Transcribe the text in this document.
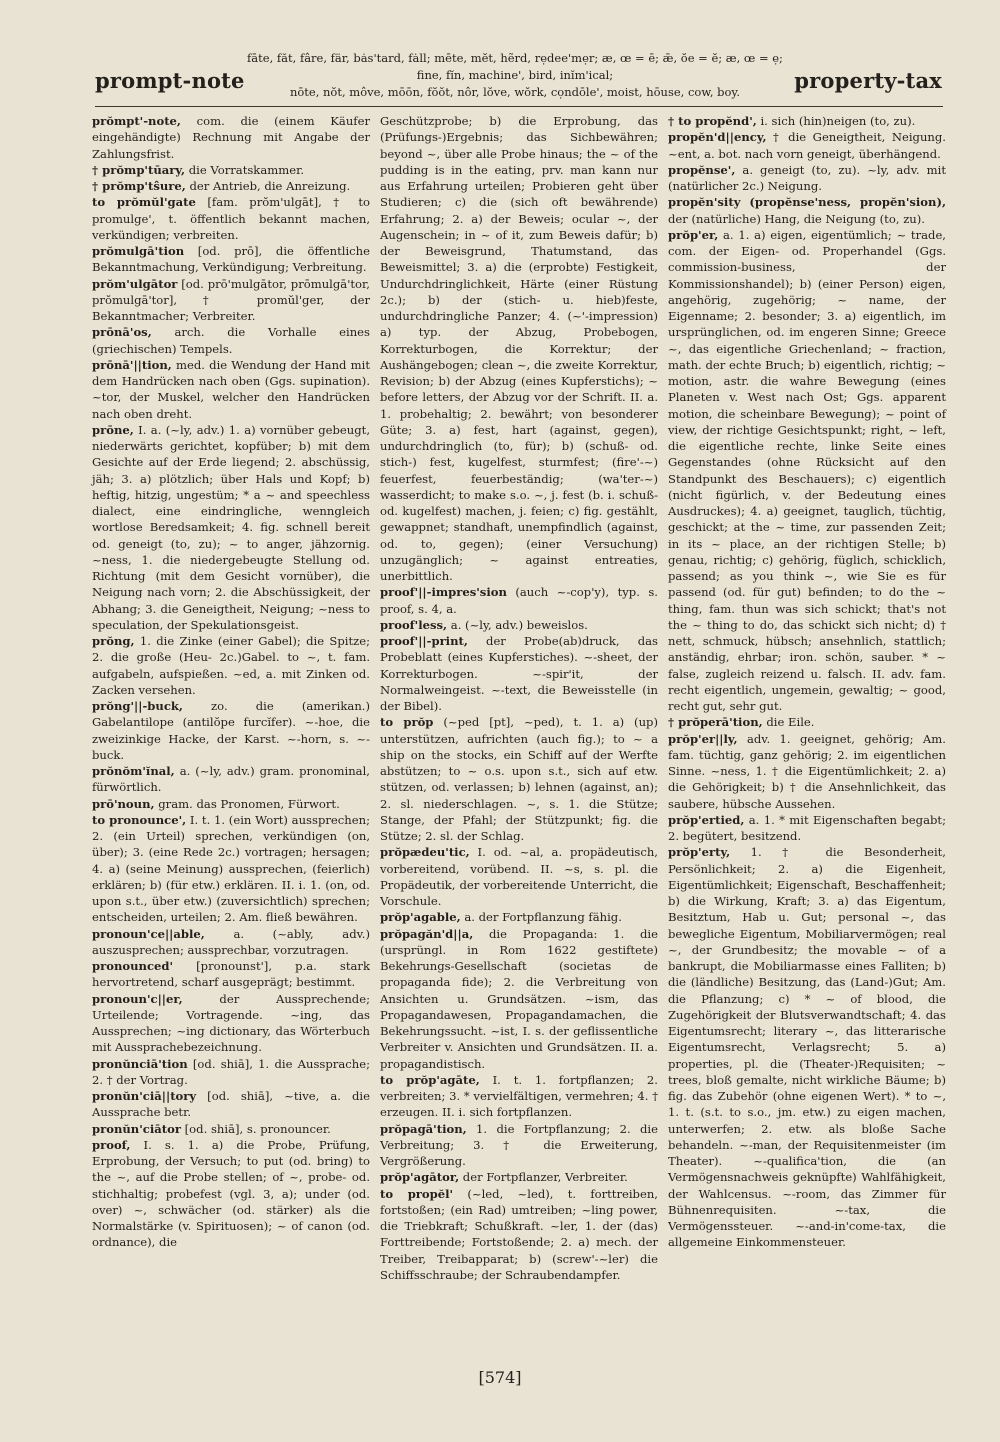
prompt-note
fāte, făt, fâre, fär, bȧs'tard, fȧll; mēte, mĕt, hẽrd, rẹdee'mẹr; æ, œ = ē; ǣ, ŏe = ĕ; æ, œ = ẹ;
fine, fĭn, machine', bird, inĭm'ical;
nōte, nŏt, môve, mōōn, fŏŏt, nôr, lŏve, wŏrk, cọndōle', moist, hōuse, cow, boy.	property-tax

prŏmpt'-note, com. die (einem Käufer eingehändigte) Rechnung mit Angabe der Zahlungsfrist.

† prŏmp'tūary, die Vorratskammer.

† prŏmp'tŝure, der Antrieb, die Anreizung.

to prŏmŭl'gate [fam. prŏm'ulgāt], † to promulge', t. öffentlich bekannt machen, verkündigen; verbreiten.

prŏmulgā'tion [od. prō], die öffentliche Bekanntmachung, Verkündigung; Verbreitung.

prŏm'ulgātor [od. prō'mulgātor, prōmulgā'tor, prŏmulgā'tor], † promŭl'ger, der Bekanntmacher; Verbreiter.

prōnā'os, arch. die Vorhalle eines (griechischen) Tempels.

prōnā'||tion, med. die Wendung der Hand mit dem Handrücken nach oben (Ggs. supination). ~tor, der Muskel, welcher den Handrücken nach oben dreht.

prōne, I. a. (~ly, adv.) 1. a) vornüber gebeugt, niederwärts gerichtet, kopfüber; b) mit dem Gesichte auf der Erde liegend; 2. abschüssig, jäh; 3. a) plötzlich; über Hals und Kopf; b) heftig, hitzig, ungestüm; * a ~ and speechless dialect, eine eindringliche, wenngleich wortlose Beredsamkeit; 4. fig. schnell bereit od. geneigt (to, zu); ~ to anger, jähzornig. ~ness, 1. die niedergebeugte Stellung od. Richtung (mit dem Gesicht vornüber), die Neigung nach vorn; 2. die Abschüssigkeit, der Abhang; 3. die Geneigtheit, Neigung; ~ness to speculation, der Spekulationsgeist.

prŏng, 1. die Zinke (einer Gabel); die Spitze; 2. die große (Heu- 2c.)Gabel. to ~, t. fam. aufgabeln, aufspießen. ~ed, a. mit Zinken od. Zacken versehen.

prŏng'||-buck, zo. die (amerikan.) Gabelantilope (antilŏpe furcĭfer). ~-hoe, die zweizinkige Hacke, der Karst. ~-horn, s. ~-buck.

prŏnŏm'ĭnal, a. (~ly, adv.) gram. pronominal, fürwörtlich.

prō'noun, gram. das Pronomen, Fürwort.

to pronounce', I. t. 1. (ein Wort) aussprechen; 2. (ein Urteil) sprechen, verkündigen (on, über); 3. (eine Rede 2c.) vortragen; hersagen; 4. a) (seine Meinung) aussprechen, (feierlich) erklären; b) (für etw.) erklären. II. i. 1. (on, od. upon s.t., über etw.) (zuversichtlich) sprechen; entscheiden, urteilen; 2. Am. fließ bewähren.

pronoun'ce||able, a. (~ably, adv.) auszusprechen; aussprechbar, vorzutragen.

pronounced' [pronounst'], p.a. stark hervortretend, scharf ausgeprägt; bestimmt.

pronoun'c||er, der Aussprechende; Urteilende; Vortragende. ~ing, das Aussprechen; ~ing dictionary, das Wörterbuch mit Aussprachebezeichnung.

pronŭnciā'tion [od. shiā], 1. die Aussprache; 2. † der Vortrag.

pronŭn'ciā||tory [od. shiā], ~tive, a. die Aussprache betr.

pronŭn'ciātor [od. shiā], s. pronouncer.

proof, I. s. 1. a) die Probe, Prüfung, Erprobung, der Versuch; to put (od. bring) to the ~, auf die Probe stellen; of ~, probe- od. stichhaltig; probefest (vgl. 3, a); under (od. over) ~, schwächer (od. stärker) als die Normalstärke (v. Spirituosen); ~ of canon (od. ordnance), die

Geschützprobe; b) die Erprobung, das (Prüfungs-)Ergebnis; das Sichbewähren; beyond ~, über alle Probe hinaus; the ~ of the pudding is in the eating, prv. man kann nur aus Erfahrung urteilen; Probieren geht über Studieren; c) die (sich oft bewährende) Erfahrung; 2. a) der Beweis; ocular ~, der Augenschein; in ~ of it, zum Beweis dafür; b) der Beweisgrund, Thatumstand, das Beweismittel; 3. a) die (erprobte) Festigkeit, Undurchdringlichkeit, Härte (einer Rüstung 2c.); b) der (stich- u. hieb)feste, undurchdringliche Panzer; 4. (~'-impression) a) typ. der Abzug, Probebogen, Korrekturbogen, die Korrektur; der Aushängebogen; clean ~, die zweite Korrektur, Revision; b) der Abzug (eines Kupferstichs); ~ before letters, der Abzug vor der Schrift. II. a. 1. probehaltig; 2. bewährt; von besonderer Güte; 3. a) fest, hart (against, gegen), undurchdringlich (to, für); b) (schuß- od. stich-) fest, kugelfest, sturmfest; (fire'-~) feuerfest, feuerbeständig; (wa'ter-~) wasserdicht; to make s.o. ~, j. fest (b. i. schuß- od. kugelfest) machen, j. feien; c) fig. gestählt, gewappnet; standhaft, unempfindlich (against, od. to, gegen); (einer Versuchung) unzugänglich; ~ against entreaties, unerbittlich.

proof'||-impres'sion (auch ~-cop'y), typ. s. proof, s. 4, a.

proof'less, a. (~ly, adv.) beweislos.

proof'||-print, der Probe(ab)druck, das Probeblatt (eines Kupferstiches). ~-sheet, der Korrekturbogen. ~-spir'it, der Normalweingeist. ~-text, die Beweisstelle (in der Bibel).

to prŏp (~ped [pt], ~ped), t. 1. a) (up) unterstützen, aufrichten (auch fig.); to ~ a ship on the stocks, ein Schiff auf der Werfte abstützen; to ~ o.s. upon s.t., sich auf etw. stützen, od. verlassen; b) lehnen (against, an); 2. sl. niederschlagen. ~, s. 1. die Stütze; Stange, der Pfahl; der Stützpunkt; fig. die Stütze; 2. sl. der Schlag.

prŏpædeu'tic, I. od. ~al, a. propädeutisch, vorbereitend, vorübend. II. ~s, s. pl. die Propädeutik, der vorbereitende Unterricht, die Vorschule.

prŏp'agable, a. der Fortpflanzung fähig.

prŏpagăn'd||a, die Propaganda: 1. die (ursprüngl. in Rom 1622 gestiftete) Bekehrungs-Gesellschaft (societas de propaganda fide); 2. die Verbreitung von Ansichten u. Grundsätzen. ~ism, das Propagandawesen, Propagandamachen, die Bekehrungssucht. ~ist, I. s. der geflissentliche Verbreiter v. Ansichten und Grundsätzen. II. a. propagandistisch.

to prŏp'agāte, I. t. 1. fortpflanzen; 2. verbreiten; 3. * vervielfältigen, vermehren; 4. † erzeugen. II. i. sich fortpflanzen.

prŏpagā'tion, 1. die Fortpflanzung; 2. die Verbreitung; 3. † die Erweiterung, Vergrößerung.

prŏp'agātor, der Fortpflanzer, Verbreiter.

to propĕl' (~led, ~led), t. forttreiben, fortstoßen; (ein Rad) umtreiben; ~ling power, die Triebkraft; Schußkraft. ~ler, 1. der (das) Forttreibende; Fortstoßende; 2. a) mech. der Treiber, Treibapparat; b) (screw'-~ler) die Schiffsschraube; der Schraubendampfer.

† to propĕnd', i. sich (hin)neigen (to, zu).

propĕn'd||ency, † die Geneigtheit, Neigung. ~ent, a. bot. nach vorn geneigt, überhängend.

propĕnse', a. geneigt (to, zu). ~ly, adv. mit (natürlicher 2c.) Neigung.

propĕn'sity (propĕnse'ness, propĕn'sion), der (natürliche) Hang, die Neigung (to, zu).

prŏp'er, a. 1. a) eigen, eigentümlich; ~ trade, com. der Eigen- od. Properhandel (Ggs. commission-business, der Kommissionshandel); b) (einer Person) eigen, angehörig, zugehörig; ~ name, der Eigenname; 2. besonder; 3. a) eigentlich, im ursprünglichen, od. im engeren Sinne; Greece ~, das eigentliche Griechenland; ~ fraction, math. der echte Bruch; b) eigentlich, richtig; ~ motion, astr. die wahre Bewegung (eines Planeten v. West nach Ost; Ggs. apparent motion, die scheinbare Bewegung); ~ point of view, der richtige Gesichtspunkt; right, ~ left, die eigentliche rechte, linke Seite eines Gegenstandes (ohne Rücksicht auf den Standpunkt des Beschauers); c) eigentlich (nicht figürlich, v. der Bedeutung eines Ausdruckes); 4. a) geeignet, tauglich, tüchtig, geschickt; at the ~ time, zur passenden Zeit; in its ~ place, an der richtigen Stelle; b) genau, richtig; c) gehörig, füglich, schicklich, passend; as you think ~, wie Sie es für passend (od. für gut) befinden; to do the ~ thing, fam. thun was sich schickt; that's not the ~ thing to do, das schickt sich nicht; d) † nett, schmuck, hübsch; ansehnlich, stattlich; anständig, ehrbar; iron. schön, sauber. * ~ false, zugleich reizend u. falsch. II. adv. fam. recht eigentlich, ungemein, gewaltig; ~ good, recht gut, sehr gut.

† prŏperā'tion, die Eile.

prŏp'er||ly, adv. 1. geeignet, gehörig; Am. fam. tüchtig, ganz gehörig; 2. im eigentlichen Sinne. ~ness, 1. † die Eigentümlichkeit; 2. a) die Gehörigkeit; b) † die Ansehnlichkeit, das saubere, hübsche Aussehen.

prŏp'ertied, a. 1. * mit Eigenschaften begabt; 2. begütert, besitzend.

prŏp'erty, 1. † die Besonderheit, Persönlichkeit; 2. a) die Eigenheit, Eigentümlichkeit; Eigenschaft, Beschaffenheit; b) die Wirkung, Kraft; 3. a) das Eigentum, Besitztum, Hab u. Gut; personal ~, das bewegliche Eigentum, Mobiliarvermögen; real ~, der Grundbesitz; the movable ~ of a bankrupt, die Mobiliarmasse eines Falliten; b) die (ländliche) Besitzung, das (Land-)Gut; Am. die Pflanzung; c) * ~ of blood, die Zugehörigkeit der Blutsverwandtschaft; 4. das Eigentumsrecht; literary ~, das litterarische Eigentumsrecht, Verlagsrecht; 5. a) properties, pl. die (Theater-)Requisiten; ~ trees, bloß gemalte, nicht wirkliche Bäume; b) fig. das Zubehör (ohne eigenen Wert). * to ~, 1. t. (s.t. to s.o., jm. etw.) zu eigen machen, unterwerfen; 2. etw. als bloße Sache behandeln. ~-man, der Requisitenmeister (im Theater). ~-qualifica'tion, die (an Vermögensnachweis geknüpfte) Wahlfähigkeit, der Wahlcensus. ~-room, das Zimmer für Bühnenrequisiten. ~-tax, die Vermögenssteuer. ~-and-in'come-tax, die allgemeine Einkommensteuer.

[574]
